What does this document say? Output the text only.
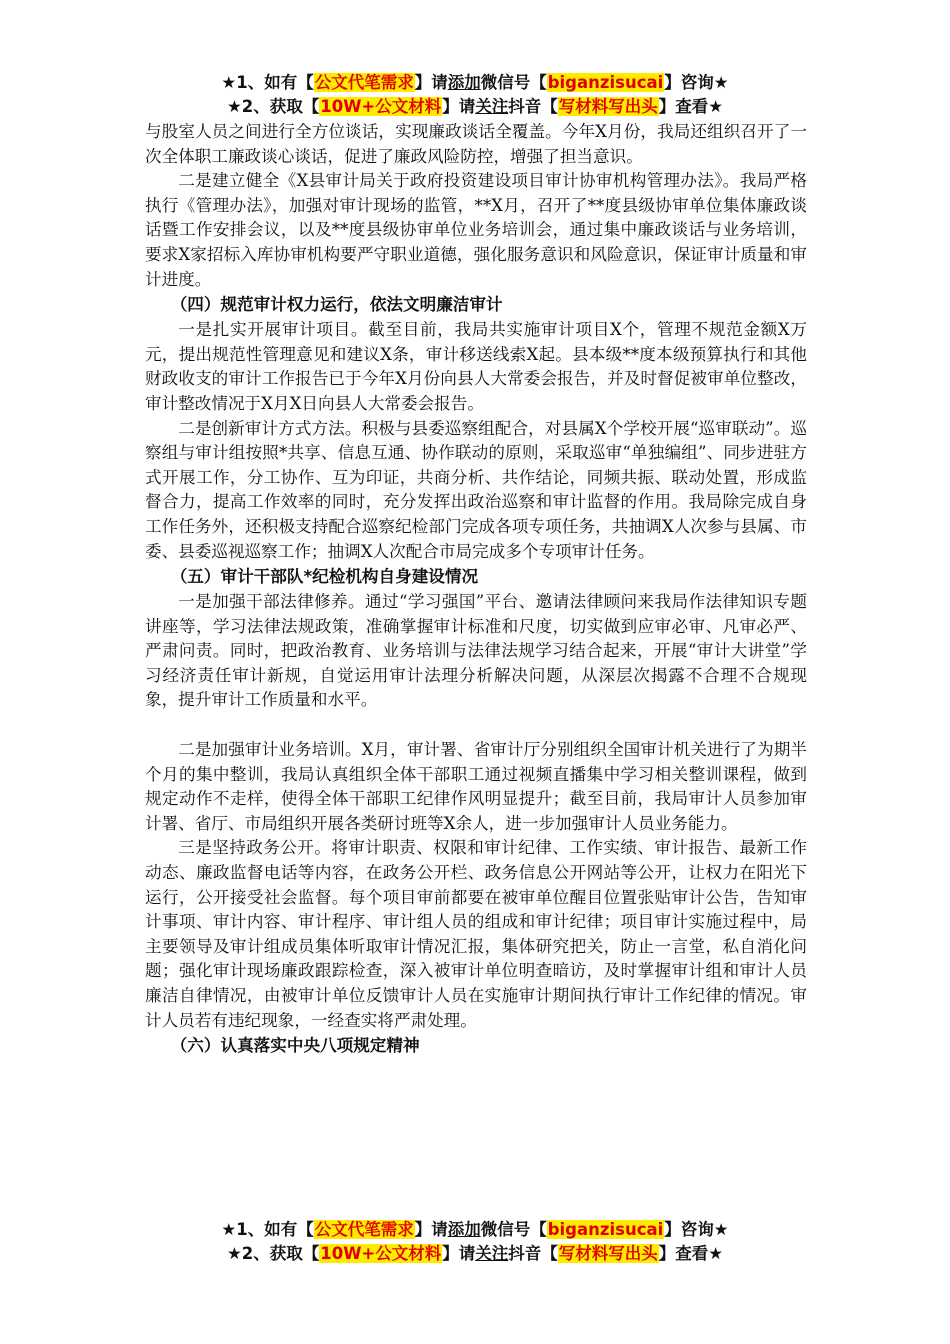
★1、如有【公文代笔需求】请添加微信号【biganzisucai】咨询★
★2、获取【10W+公文材料】请关注抖音【写材料写出头】查看★

与股室人员之间进行全方位谈话，实现廉政谈话全覆盖。今年X月份，我局还组织召开了一次全体职工廉政谈心谈话，促进了廉政风险防控，增强了担当意识。

二是建立健全《X县审计局关于政府投资建设项目审计协审机构管理办法》。我局严格执行《管理办法》，加强对审计现场的监管，**X月，召开了**度县级协审单位集体廉政谈话暨工作安排会议，以及**度县级协审单位业务培训会，通过集中廉政谈话与业务培训，要求X家招标入库协审机构要严守职业道德，强化服务意识和风险意识，保证审计质量和审计进度。

（四）规范审计权力运行，依法文明廉洁审计

一是扎实开展审计项目。截至目前，我局共实施审计项目X个，管理不规范金额X万元，提出规范性管理意见和建议X条，审计移送线索X起。县本级**度本级预算执行和其他财政收支的审计工作报告已于今年X月份向县人大常委会报告，并及时督促被审单位整改，审计整改情况于X月X日向县人大常委会报告。

二是创新审计方式方法。积极与县委巡察组配合，对县属X个学校开展“巡审联动”。巡察组与审计组按照*共享、信息互通、协作联动的原则，采取巡审“单独编组”、同步进驻方式开展工作，分工协作、互为印证，共商分析、共作结论，同频共振、联动处置，形成监督合力，提高工作效率的同时，充分发挥出政治巡察和审计监督的作用。我局除完成自身工作任务外，还积极支持配合巡察纪检部门完成各项专项任务，共抽调X人次参与县属、市委、县委巡视巡察工作；抽调X人次配合市局完成多个专项审计任务。

（五）审计干部队*纪检机构自身建设情况

一是加强干部法律修养。通过“学习强国”平台、邀请法律顾问来我局作法律知识专题讲座等，学习法律法规政策，准确掌握审计标准和尺度，切实做到应审必审、凡审必严、严肃问责。同时，把政治教育、业务培训与法律法规学习结合起来，开展“审计大讲堂”学习经济责任审计新规，自觉运用审计法理分析解决问题，从深层次揭露不合理不合规现象，提升审计工作质量和水平。

二是加强审计业务培训。X月，审计署、省审计厅分别组织全国审计机关进行了为期半个月的集中整训，我局认真组织全体干部职工通过视频直播集中学习相关整训课程，做到规定动作不走样，使得全体干部职工纪律作风明显提升；截至目前，我局审计人员参加审计署、省厅、市局组织开展各类研讨班等X余人，进一步加强审计人员业务能力。

三是坚持政务公开。将审计职责、权限和审计纪律、工作实绩、审计报告、最新工作动态、廉政监督电话等内容，在政务公开栏、政务信息公开网站等公开，让权力在阳光下运行，公开接受社会监督。每个项目审前都要在被审单位醒目位置张贴审计公告，告知审计事项、审计内容、审计程序、审计组人员的组成和审计纪律；项目审计实施过程中，局主要领导及审计组成员集体听取审计情况汇报，集体研究把关，防止一言堂，私自消化问题；强化审计现场廉政跟踪检查，深入被审计单位明查暗访，及时掌握审计组和审计人员廉洁自律情况，由被审计单位反馈审计人员在实施审计期间执行审计工作纪律的情况。审计人员若有违纪现象，一经查实将严肃处理。

（六）认真落实中央八项规定精神
★1、如有【公文代笔需求】请添加微信号【biganzisucai】咨询★
★2、获取【10W+公文材料】请关注抖音【写材料写出头】查看★
